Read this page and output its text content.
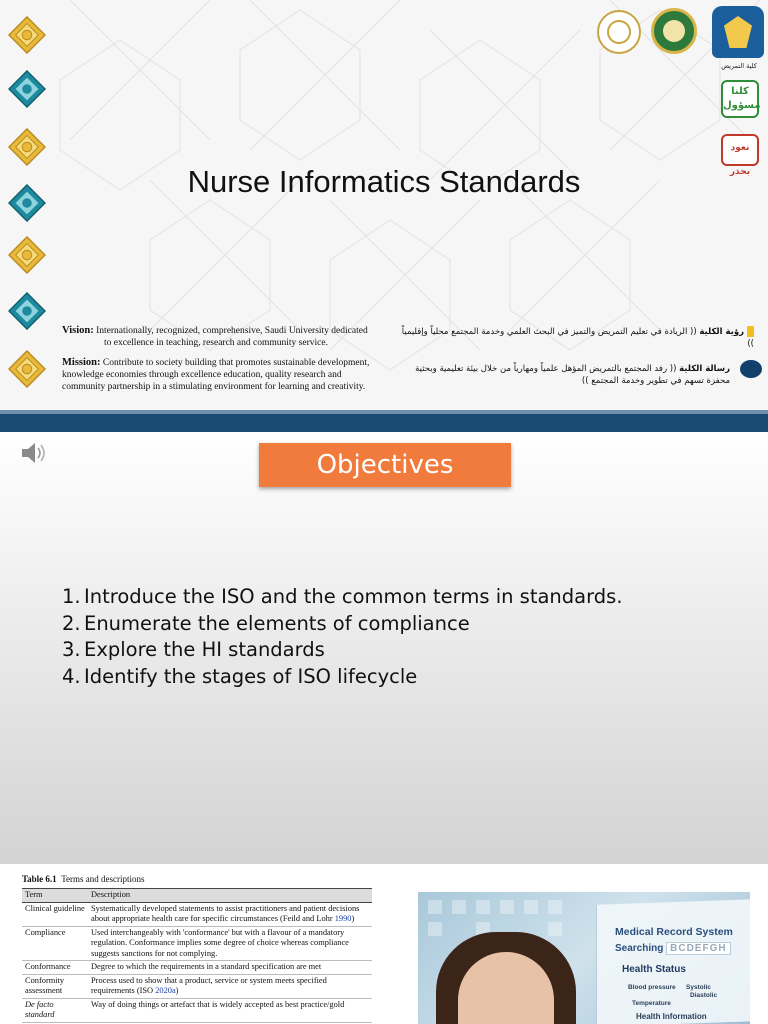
كلية التمريض
كلنا مسؤول
نعود بحذر
Nurse Informatics Standards
Vision: Internationally, recognized, comprehensive, Saudi University dedicated
to excellence in teaching, research and community service.
Mission: Contribute to society building that promotes sustainable development, knowledge economies through excellence education, quality research and community partnership in a stimulating environment for learning and creativity.
رؤية الكلية (( الريادة في تعليم التمريض والتميز في البحث العلمي وخدمة المجتمع محلياً وإقليمياً ))
رسالة الكلية (( رفد المجتمع بالتمريض المؤهل علمياً ومهارياً من خلال بيئة تعليمية وبحثية محفزة تسهم في تطوير وخدمة المجتمع ))
Objectives
1. Introduce the ISO and the common terms in standards.
2. Enumerate the elements of compliance
3. Explore the HI standards
4. Identify the stages of ISO lifecycle
Table 6.1 Terms and descriptions
Term	Description
Clinical guideline	Systematically developed statements to assist practitioners and patient decisions about appropriate health care for specific circumstances (Feild and Lohr 1990)
Compliance	Used interchangeably with 'conformance' but with a flavour of a mandatory regulation. Conformance implies some degree of choice whereas compliance suggests sanctions for not complying.
Conformance	Degree to which the requirements in a standard specification are met
Conformity assessment	Process used to show that a product, service or system meets specified requirements (ISO 2020a)
De facto standard	Way of doing things or artefact that is widely accepted as best practice/gold
Medical Record System
Searching BCDEFGH
Health Status
Blood pressure Systolic
Diastolic
Temperature
Health Information
